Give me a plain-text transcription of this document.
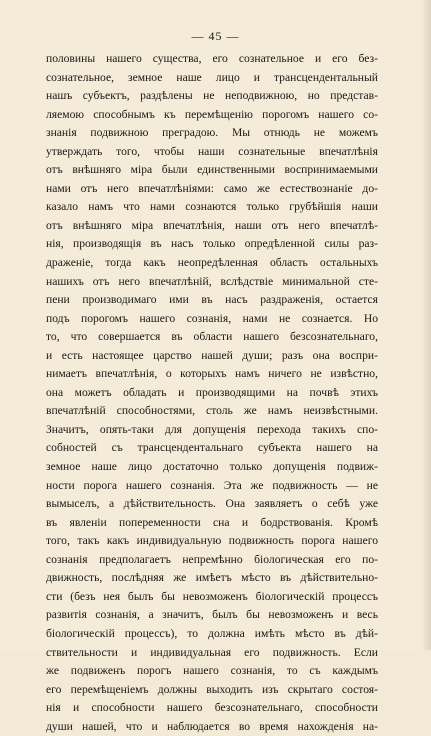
— 45 —
половины нашего существа, его сознательное и его без-
сознательное, земное наше лицо и трансцендентальный
нашъ субъектъ, раздѣлены не неподвижною, но представ-
ляемою способнымъ къ перемѣщенiю порогомъ нашего со-
знанiя подвижною преградою. Мы отнюдь не можемъ
утверждать того, чтобы наши сознательные впечатлѣнiя
отъ внѣшняго мiра были единственными воспринимаемыми
нами отъ него впечатлѣнiями: само же естествознанiе до-
казало намъ что нами сознаются только грубѣйшiя наши
отъ внѣшняго мiра впечатлѣнiя, наши отъ него впечатлѣ-
нiя, производящiя въ насъ только опредѣленной силы раз-
драженiе, тогда какъ неопредѣленная область остальныхъ
нашихъ отъ него впечатлѣнiй, вслѣдствiе минимальной сте-
пени производимаго ими въ насъ раздраженiя, остается
подъ порогомъ нашего сознанiя, нами не сознается. Но
то, что совершается въ области нашего безсознательнаго,
и есть настоящее царство нашей души; разъ она воспри-
нимаетъ впечатлѣнiя, о которыхъ намъ ничего не извѣстно,
она можетъ обладать и производящими на почвѣ этихъ
впечатлѣнiй способностями, столь же намъ неизвѣстными.
Значитъ, опять-таки для допущенiя перехода такихъ спо-
собностей съ трансцендентальнаго субъекта нашего на
земное наше лицо достаточно только допущенiя подвиж-
ности порога нашего сознанiя. Эта же подвижность — не
вымыселъ, а дѣйствительность. Она заявляетъ о себѣ уже
въ явленiи попеременности сна и бодрствованiя. Кромѣ
того, такъ какъ индивидуальную подвижность порога нашего
сознанiя предполагаетъ непремѣнно бiологическая его по-
движность, послѣдняя же имѣетъ мѣсто въ дѣйствительно-
сти (безъ нея былъ бы невозможенъ бiологическiй процессъ
развитiя сознанiя, а значитъ, былъ бы невозможенъ и весь
бiологическiй процессъ), то должна имѣть мѣсто въ дѣй-
ствительности и индивидуальная его подвижность. Если
же подвиженъ порогъ нашего сознанiя, то съ каждымъ
его перемѣщенiемъ должны выходить изъ скрытаго состоя-
нiя и способности нашего безсознательнаго, способности
души нашей, что и наблюдается во время нахожденiя на-
